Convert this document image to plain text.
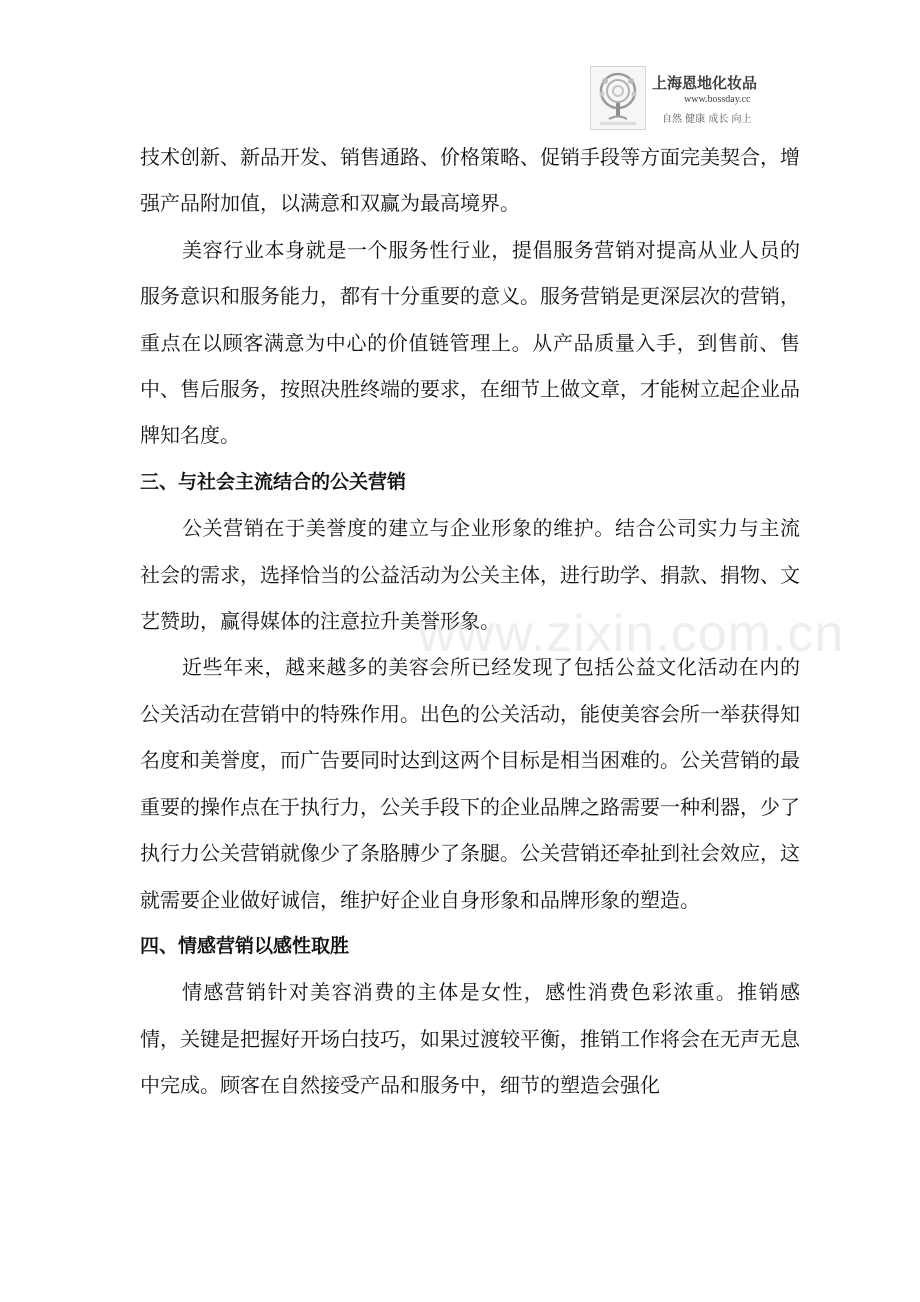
上海恩地化妆品
www.bossday.cc
自然 健康 成长 向上
www.zixin.com.cn

技术创新、新品开发、销售通路、价格策略、促销手段等方面完美契合，增强产品附加值，以满意和双赢为最高境界。

美容行业本身就是一个服务性行业，提倡服务营销对提高从业人员的服务意识和服务能力，都有十分重要的意义。服务营销是更深层次的营销，重点在以顾客满意为中心的价值链管理上。从产品质量入手，到售前、售中、售后服务，按照决胜终端的要求，在细节上做文章，才能树立起企业品牌知名度。

三、与社会主流结合的公关营销

公关营销在于美誉度的建立与企业形象的维护。结合公司实力与主流社会的需求，选择恰当的公益活动为公关主体，进行助学、捐款、捐物、文艺赞助，赢得媒体的注意拉升美誉形象。

近些年来，越来越多的美容会所已经发现了包括公益文化活动在内的公关活动在营销中的特殊作用。出色的公关活动，能使美容会所一举获得知名度和美誉度，而广告要同时达到这两个目标是相当困难的。公关营销的最重要的操作点在于执行力，公关手段下的企业品牌之路需要一种利器，少了执行力公关营销就像少了条胳膊少了条腿。公关营销还牵扯到社会效应，这就需要企业做好诚信，维护好企业自身形象和品牌形象的塑造。

四、情感营销以感性取胜

情感营销针对美容消费的主体是女性，感性消费色彩浓重。推销感情，关键是把握好开场白技巧，如果过渡较平衡，推销工作将会在无声无息中完成。顾客在自然接受产品和服务中，细节的塑造会强化
